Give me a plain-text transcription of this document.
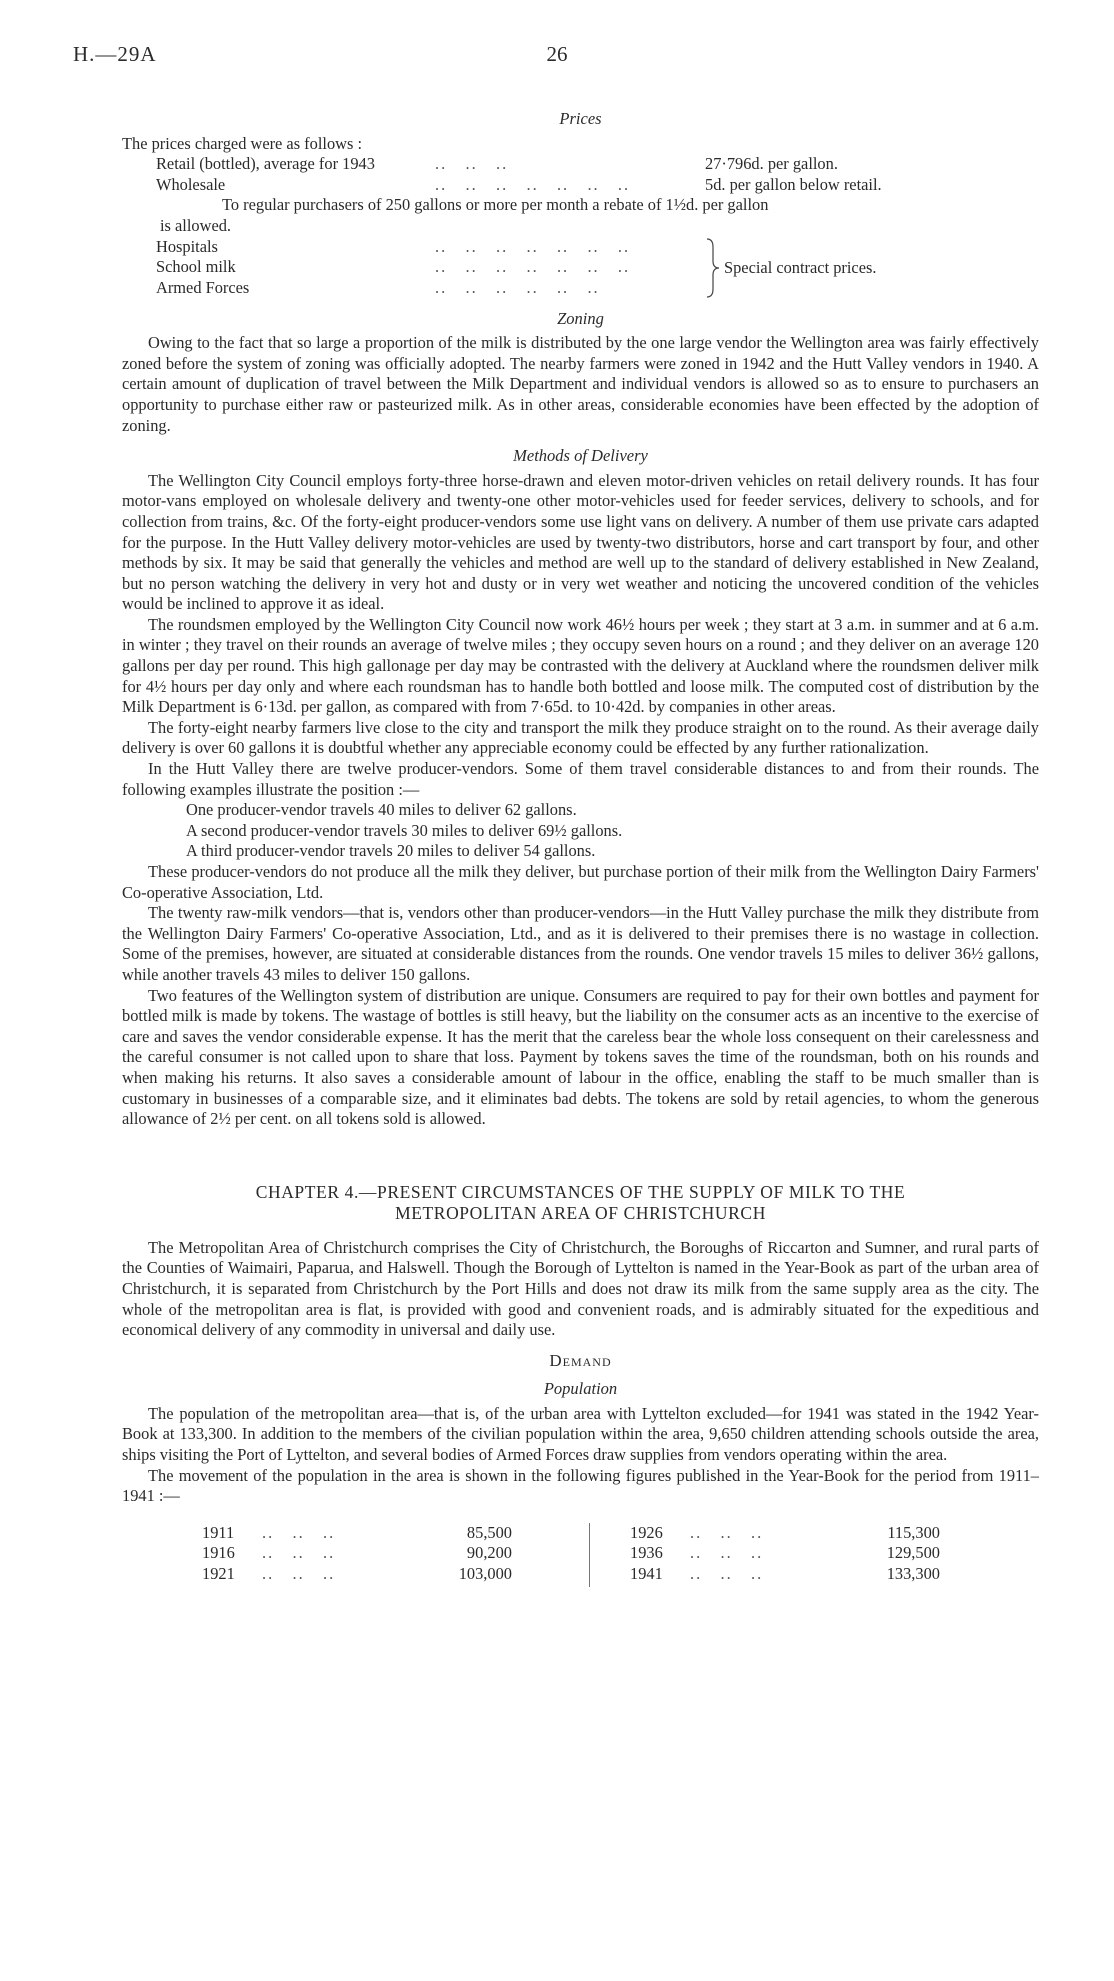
H.—29A	26
Prices

The prices charged were as follows :

Retail (bottled), average for 1943	..   ..   ..	27·796d. per gallon.
Wholesale	..   ..   ..   ..   ..   ..   ..	5d. per gallon below retail.

To regular purchasers of 250 gallons or more per month a rebate of 1½d. per gallon

is allowed.

Hospitals	..   ..   ..   ..   ..   ..   ..
School milk	..   ..   ..   ..   ..   ..   ..
Armed Forces	..   ..   ..   ..   ..   ..
Special contract prices.
Zoning

Owing to the fact that so large a proportion of the milk is distributed by the one large vendor the Wellington area was fairly effectively zoned before the system of zoning was officially adopted. The nearby farmers were zoned in 1942 and the Hutt Valley vendors in 1940. A certain amount of duplication of travel between the Milk Department and individual vendors is allowed so as to ensure to purchasers an opportunity to purchase either raw or pasteurized milk. As in other areas, considerable economies have been effected by the adoption of zoning.

Methods of Delivery

The Wellington City Council employs forty-three horse-drawn and eleven motor-driven vehicles on retail delivery rounds. It has four motor-vans employed on wholesale delivery and twenty-one other motor-vehicles used for feeder services, delivery to schools, and for collection from trains, &c. Of the forty-eight producer-vendors some use light vans on delivery. A number of them use private cars adapted for the purpose. In the Hutt Valley delivery motor-vehicles are used by twenty-two distributors, horse and cart transport by four, and other methods by six. It may be said that generally the vehicles and method are well up to the standard of delivery established in New Zealand, but no person watching the delivery in very hot and dusty or in very wet weather and noticing the uncovered condition of the vehicles would be inclined to approve it as ideal.

The roundsmen employed by the Wellington City Council now work 46½ hours per week ; they start at 3 a.m. in summer and at 6 a.m. in winter ; they travel on their rounds an average of twelve miles ; they occupy seven hours on a round ; and they deliver on an average 120 gallons per day per round. This high gallonage per day may be contrasted with the delivery at Auckland where the roundsmen deliver milk for 4½ hours per day only and where each roundsman has to handle both bottled and loose milk. The computed cost of distribution by the Milk Department is 6·13d. per gallon, as compared with from 7·65d. to 10·42d. by companies in other areas.

The forty-eight nearby farmers live close to the city and transport the milk they produce straight on to the round. As their average daily delivery is over 60 gallons it is doubtful whether any appreciable economy could be effected by any further rationalization.

In the Hutt Valley there are twelve producer-vendors. Some of them travel considerable distances to and from their rounds. The following examples illustrate the position :—

One producer-vendor travels 40 miles to deliver 62 gallons.

A second producer-vendor travels 30 miles to deliver 69½ gallons.

A third producer-vendor travels 20 miles to deliver 54 gallons.

These producer-vendors do not produce all the milk they deliver, but purchase portion of their milk from the Wellington Dairy Farmers' Co-operative Association, Ltd.

The twenty raw-milk vendors—that is, vendors other than producer-vendors—in the Hutt Valley purchase the milk they distribute from the Wellington Dairy Farmers' Co-operative Association, Ltd., and as it is delivered to their premises there is no wastage in collection. Some of the premises, however, are situated at considerable distances from the rounds. One vendor travels 15 miles to deliver 36½ gallons, while another travels 43 miles to deliver 150 gallons.

Two features of the Wellington system of distribution are unique. Consumers are required to pay for their own bottles and payment for bottled milk is made by tokens. The wastage of bottles is still heavy, but the liability on the consumer acts as an incentive to the exercise of care and saves the vendor considerable expense. It has the merit that the careless bear the whole loss consequent on their carelessness and the careful consumer is not called upon to share that loss. Payment by tokens saves the time of the roundsman, both on his rounds and when making his returns. It also saves a considerable amount of labour in the office, enabling the staff to be much smaller than is customary in businesses of a comparable size, and it eliminates bad debts. The tokens are sold by retail agencies, to whom the generous allowance of 2½ per cent. on all tokens sold is allowed.

CHAPTER 4.—PRESENT CIRCUMSTANCES OF THE SUPPLY OF MILK TO THE
METROPOLITAN AREA OF CHRISTCHURCH

The Metropolitan Area of Christchurch comprises the City of Christchurch, the Boroughs of Riccarton and Sumner, and rural parts of the Counties of Waimairi, Paparua, and Halswell. Though the Borough of Lyttelton is named in the Year-Book as part of the urban area of Christchurch, it is separated from Christchurch by the Port Hills and does not draw its milk from the same supply area as the city. The whole of the metropolitan area is flat, is provided with good and convenient roads, and is admirably situated for the expeditious and economical delivery of any commodity in universal and daily use.

Demand
Population

The population of the metropolitan area—that is, of the urban area with Lyttelton excluded—for 1941 was stated in the 1942 Year-Book at 133,300. In addition to the members of the civilian population within the area, 9,650 children attending schools outside the area, ships visiting the Port of Lyttelton, and several bodies of Armed Forces draw supplies from vendors operating within the area.

The movement of the population in the area is shown in the following figures published in the Year-Book for the period from 1911–1941 :—

1911	..   ..   ..	85,500
1916	..   ..   ..	90,200
1921	..   ..   ..	103,000
1926	..   ..   ..	115,300
1936	..   ..   ..	129,500
1941	..   ..   ..	133,300
